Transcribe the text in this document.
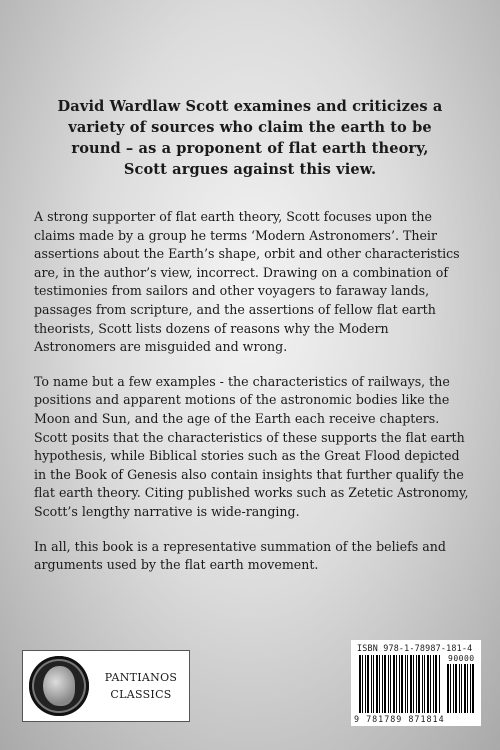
David Wardlaw Scott examines and criticizes a variety of sources who claim the earth to be round – as a proponent of flat earth theory, Scott argues against this view.

A strong supporter of flat earth theory, Scott focuses upon the claims made by a group he terms ‘Modern Astronomers’. Their assertions about the Earth’s shape, orbit and other characteristics are, in the author’s view, incorrect. Drawing on a combination of testimonies from sailors and other voyagers to faraway lands, passages from scripture, and the assertions of fellow flat earth theorists, Scott lists dozens of reasons why the Modern Astronomers are misguided and wrong.

To name but a few examples - the characteristics of railways, the positions and apparent motions of the astronomic bodies like the Moon and Sun, and the age of the Earth each receive chapters. Scott posits that the characteristics of these supports the flat earth hypothesis, while Biblical stories such as the Great Flood depicted in the Book of Genesis also contain insights that further qualify the flat earth theory. Citing published works such as Zetetic Astronomy, Scott’s lengthy narrative is wide-ranging.

In all, this book is a representative summation of the beliefs and arguments used by the flat earth movement.

PANTIANOS
CLASSICS
ISBN 978-1-78987-181-4
90000
9 781789 871814
